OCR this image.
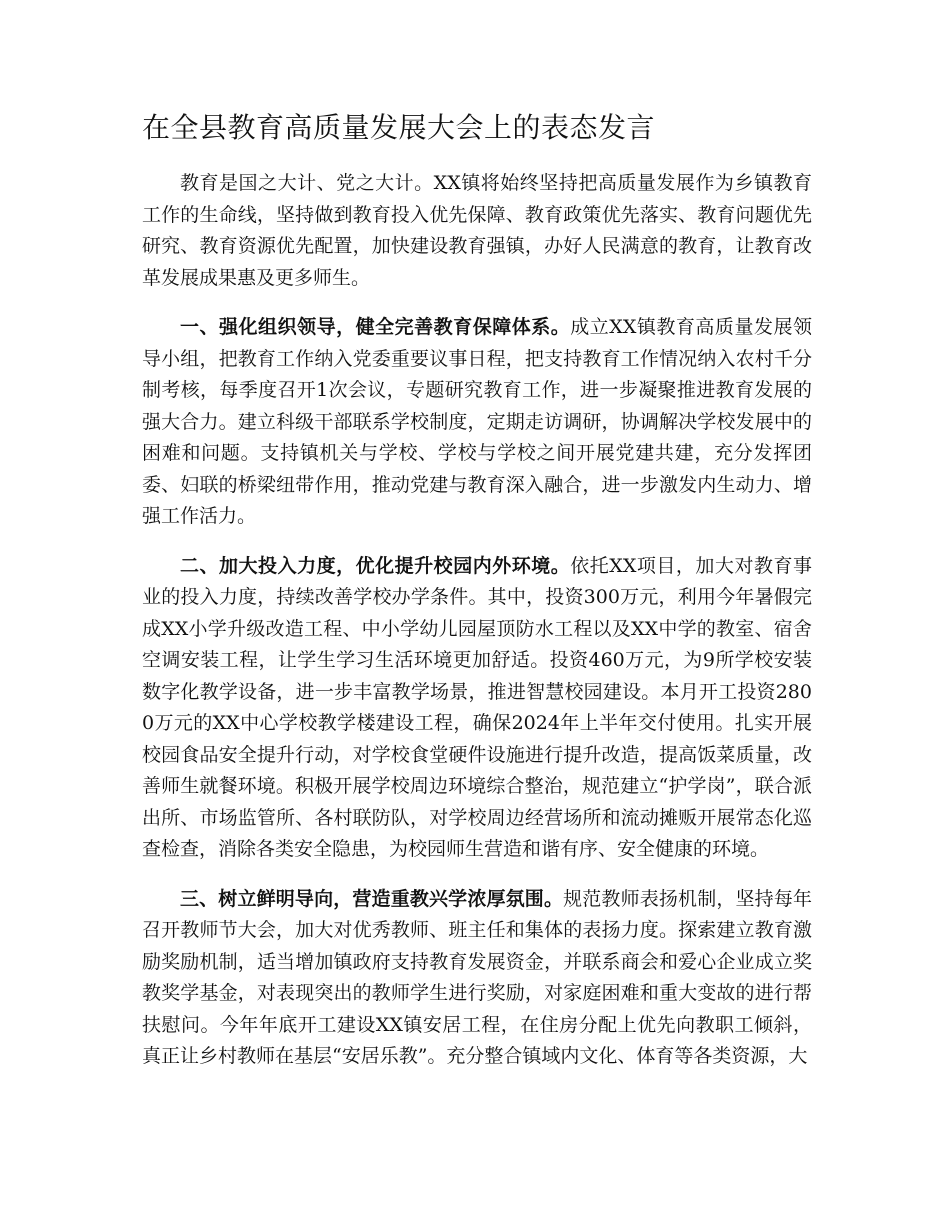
在全县教育高质量发展大会上的表态发言

教育是国之大计、党之大计。XX镇将始终坚持把高质量发展作为乡镇教育工作的生命线，坚持做到教育投入优先保障、教育政策优先落实、教育问题优先研究、教育资源优先配置，加快建设教育强镇，办好人民满意的教育，让教育改革发展成果惠及更多师生。

一、强化组织领导，健全完善教育保障体系。成立XX镇教育高质量发展领导小组，把教育工作纳入党委重要议事日程，把支持教育工作情况纳入农村千分制考核，每季度召开1次会议，专题研究教育工作，进一步凝聚推进教育发展的强大合力。建立科级干部联系学校制度，定期走访调研，协调解决学校发展中的困难和问题。支持镇机关与学校、学校与学校之间开展党建共建，充分发挥团委、妇联的桥梁纽带作用，推动党建与教育深入融合，进一步激发内生动力、增强工作活力。

二、加大投入力度，优化提升校园内外环境。依托XX项目，加大对教育事业的投入力度，持续改善学校办学条件。其中，投资300万元，利用今年暑假完成XX小学升级改造工程、中小学幼儿园屋顶防水工程以及XX中学的教室、宿舍空调安装工程，让学生学习生活环境更加舒适。投资460万元，为9所学校安装数字化教学设备，进一步丰富教学场景，推进智慧校园建设。本月开工投资2800万元的XX中心学校教学楼建设工程，确保2024年上半年交付使用。扎实开展校园食品安全提升行动，对学校食堂硬件设施进行提升改造，提高饭菜质量，改善师生就餐环境。积极开展学校周边环境综合整治，规范建立“护学岗”，联合派出所、市场监管所、各村联防队，对学校周边经营场所和流动摊贩开展常态化巡查检查，消除各类安全隐患，为校园师生营造和谐有序、安全健康的环境。

三、树立鲜明导向，营造重教兴学浓厚氛围。规范教师表扬机制，坚持每年召开教师节大会，加大对优秀教师、班主任和集体的表扬力度。探索建立教育激励奖励机制，适当增加镇政府支持教育发展资金，并联系商会和爱心企业成立奖教奖学基金，对表现突出的教师学生进行奖励，对家庭困难和重大变故的进行帮扶慰问。今年年底开工建设XX镇安居工程，在住房分配上优先向教职工倾斜，真正让乡村教师在基层“安居乐教”。充分整合镇域内文化、体育等各类资源，大
